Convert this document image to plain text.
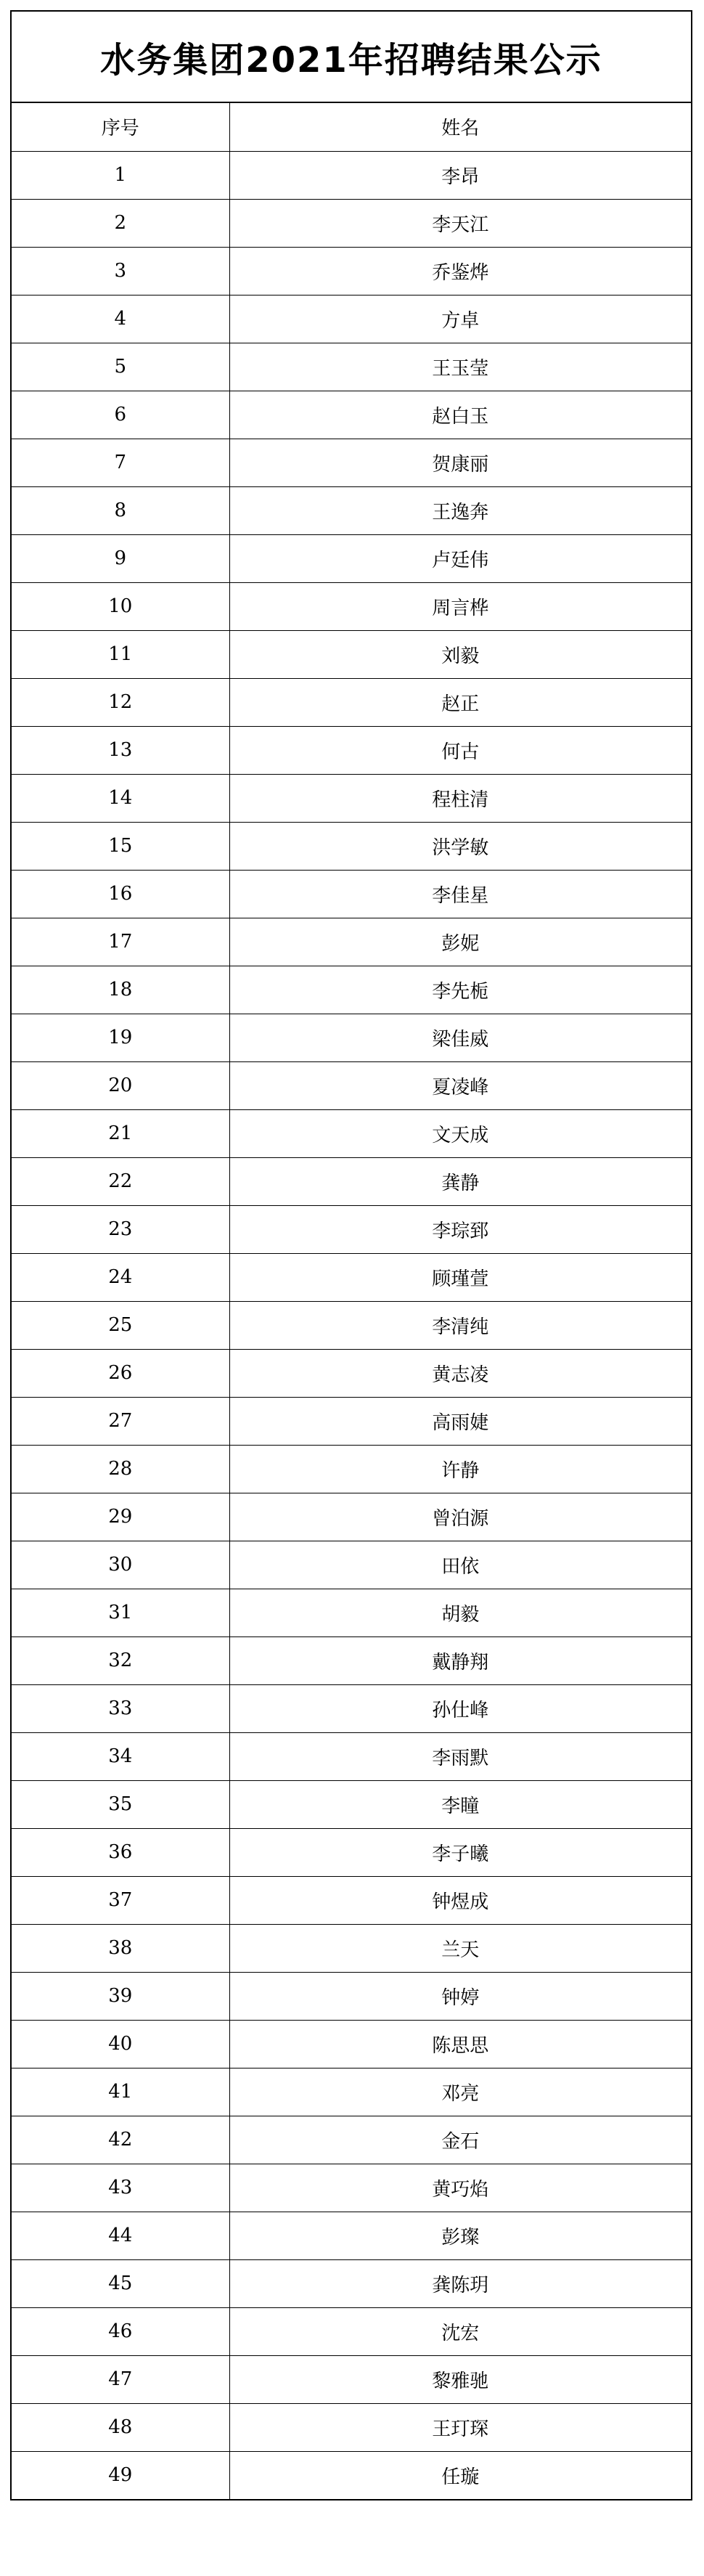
水务集团2021年招聘结果公示
序号	姓名
1	李昂
2	李天江
3	乔鉴烨
4	方卓
5	王玉莹
6	赵白玉
7	贺康丽
8	王逸奔
9	卢廷伟
10	周言桦
11	刘毅
12	赵正
13	何古
14	程柱清
15	洪学敏
16	李佳星
17	彭妮
18	李先栀
19	梁佳威
20	夏凌峰
21	文天成
22	龚静
23	李琮郅
24	顾瑾萱
25	李清纯
26	黄志凌
27	高雨婕
28	许静
29	曾泊源
30	田依
31	胡毅
32	戴静翔
33	孙仕峰
34	李雨默
35	李瞳
36	李子曦
37	钟煜成
38	兰天
39	钟婷
40	陈思思
41	邓亮
42	金石
43	黄巧焰
44	彭璨
45	龚陈玥
46	沈宏
47	黎雅驰
48	王玎琛
49	任璇
